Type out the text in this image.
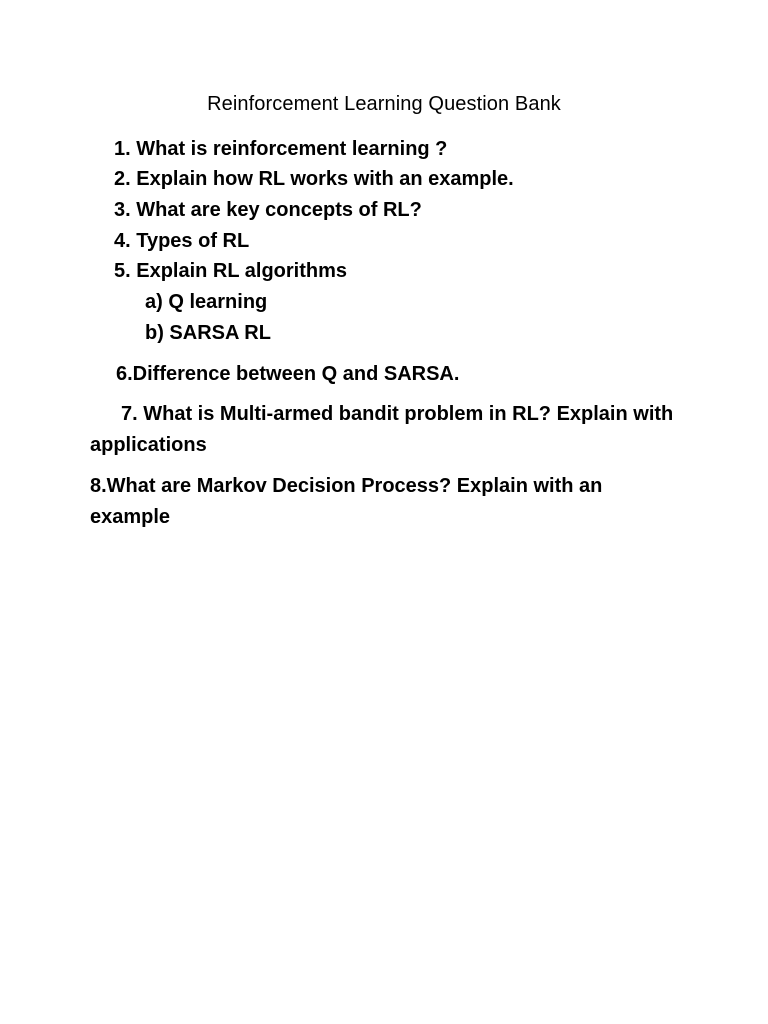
Reinforcement Learning Question Bank
1. What is reinforcement learning ?
2. Explain how RL works with an example.
3. What are key concepts of RL?
4. Types of RL
5. Explain RL algorithms
a) Q learning
b) SARSA RL
6.Difference between Q and SARSA.
7. What is Multi-armed bandit problem in RL? Explain with
applications
8.What are Markov Decision Process? Explain with an
example
